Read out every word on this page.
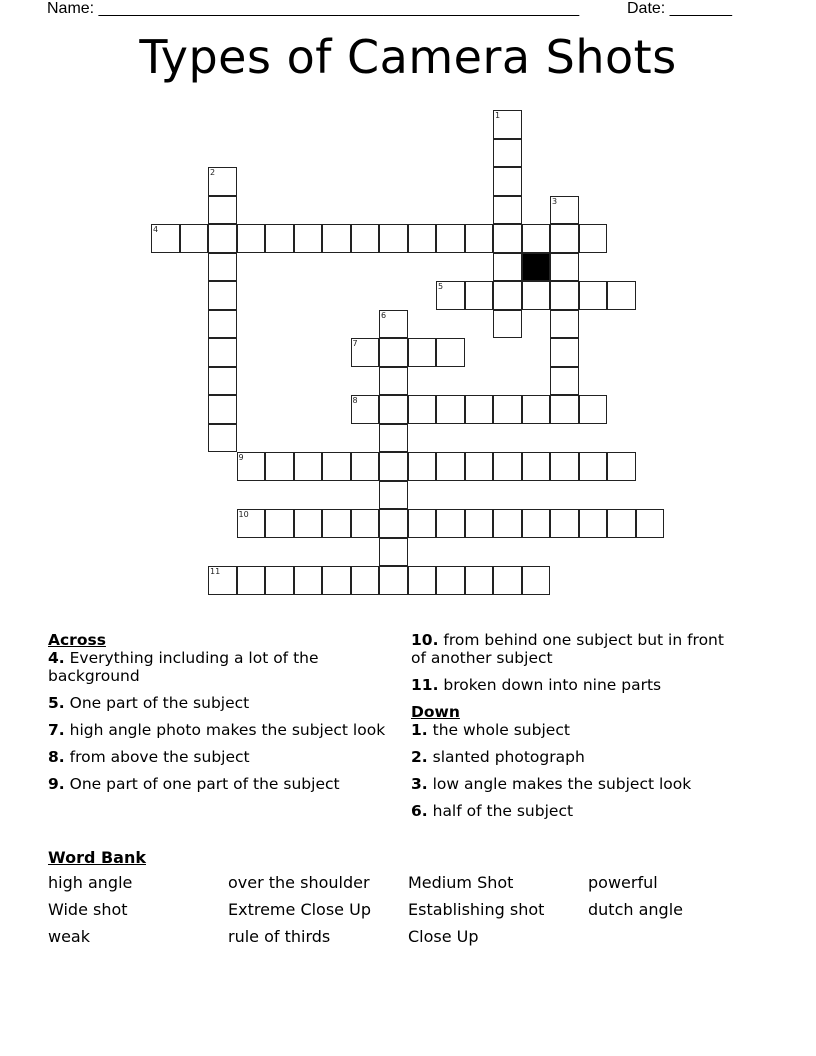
Name: ______________________________________________________	Date: _______
Types of Camera Shots
1
2
3
4
5
6
7
8
9
10
11
Across
4. Everything including a lot of the background
5. One part of the subject
7. high angle photo makes the subject look
8. from above the subject
9. One part of one part of the subject
10. from behind one subject but in front of another subject
11. broken down into nine parts
Down
1. the whole subject
2. slanted photograph
3. low angle makes the subject look
6. half of the subject
Word Bank
high angle	over the shoulder	Medium Shot	powerful
Wide shot	Extreme Close Up	Establishing shot	dutch angle
weak	rule of thirds	Close Up
